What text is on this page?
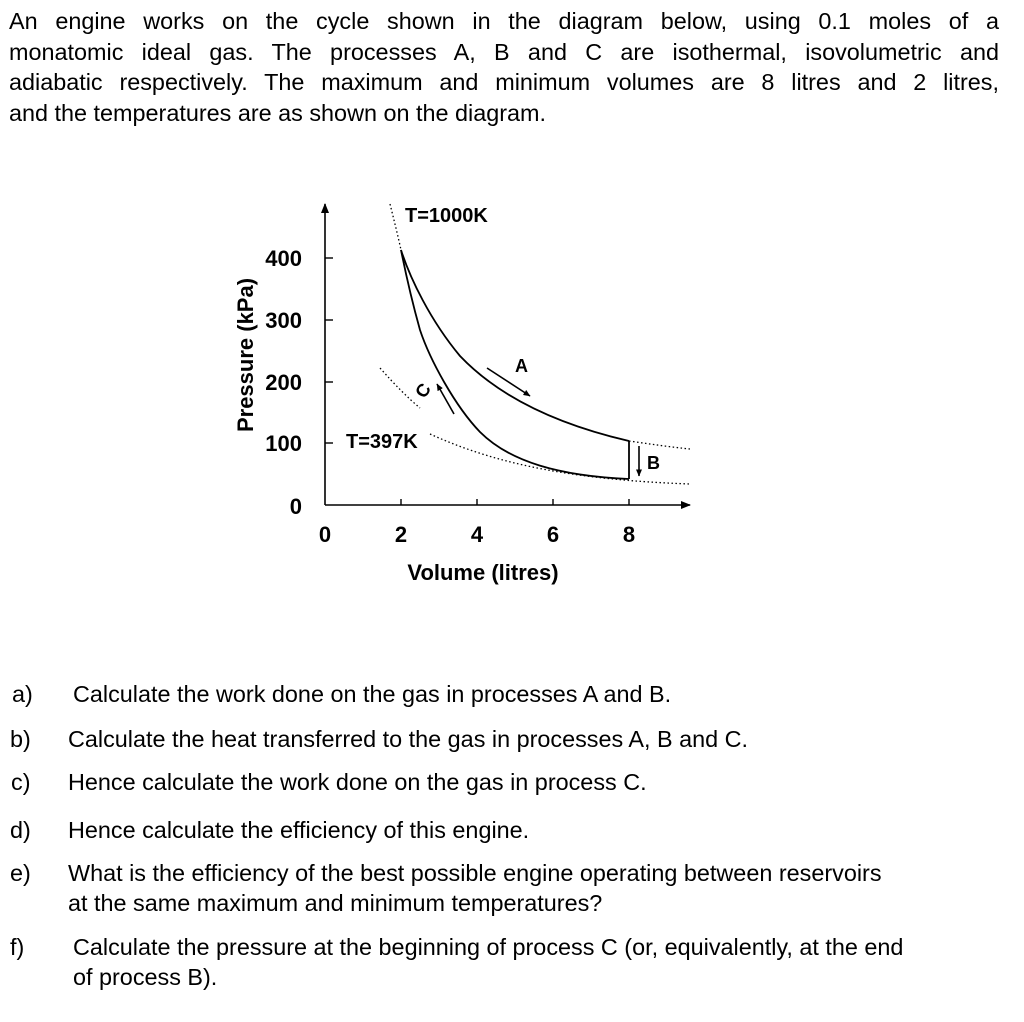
An engine works on the cycle shown in the diagram below, using 0.1 moles of a
monatomic ideal gas. The processes A, B and C are isothermal, isovolumetric and
adiabatic respectively. The maximum and minimum volumes are 8 litres and 2 litres,
and the temperatures are as shown on the diagram.
400
300
200
100
0
0	2	4	6	8
Volume (litres)
Pressure (kPa)
T=1000K
T=397K
A
B
C
a) Calculate the work done on the gas in processes A and B.
b) Calculate the heat transferred to the gas in processes A, B and C.
c) Hence calculate the work done on the gas in process C.
d) Hence calculate the efficiency of this engine.
e) What is the efficiency of the best possible engine operating between reservoirs
at the same maximum and minimum temperatures?
f) Calculate the pressure at the beginning of process C (or, equivalently, at the end
of process B).
